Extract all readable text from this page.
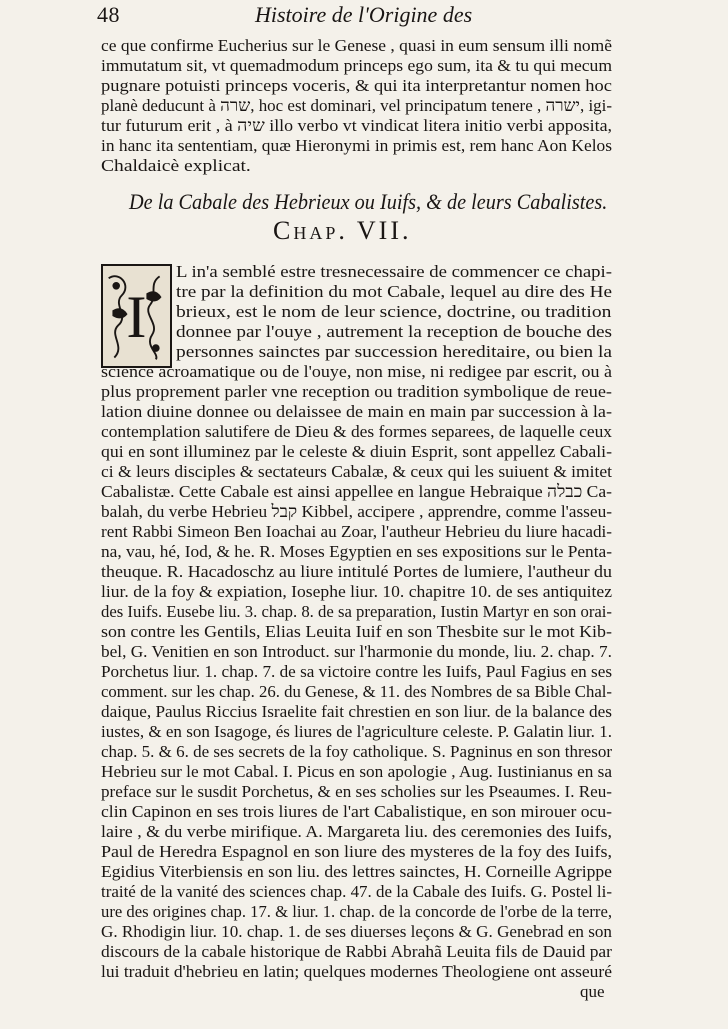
48	Histoire de l'Origine des
ce que confirme Eucherius sur le Genese , quasi in eum sensum illi nomẽ
immutatum sit, vt quemadmodum princeps ego sum, ita & tu qui mecum
pugnare potuisti princeps voceris, & qui ita interpretantur nomen hoc
planè deducunt à שרה, hoc est dominari, vel principatum tenere , ישרה, igi-
tur futurum erit , à שיה illo verbo vt vindicat litera initio verbi apposita,
in hanc ita sententiam, quæ Hieronymi in primis est, rem hanc Aon Kelos
Chaldaicè explicat.
De la Cabale des Hebrieux ou Iuifs, & de leurs Cabalistes.
Chap. VII.
I
L in'a semblé estre tresnecessaire de commencer ce chapi-
tre par la definition du mot Cabale, lequel au dire des He
brieux, est le nom de leur science, doctrine, ou tradition
donnee par l'ouye , autrement la reception de bouche des
personnes sainctes par succession hereditaire, ou bien la
science acroamatique ou de l'ouye, non mise, ni redigee par escrit, ou à
plus proprement parler vne reception ou tradition symbolique de reue-
lation diuine donnee ou delaissee de main en main par succession à la-
contemplation salutifere de Dieu & des formes separees, de laquelle ceux
qui en sont illuminez par le celeste & diuin Esprit, sont appellez Cabali-
ci & leurs disciples & sectateurs Cabalæ, & ceux qui les suiuent & imitet
Cabalistæ. Cette Cabale est ainsi appellee en langue Hebraique כבלה Ca-
balah, du verbe Hebrieu קבל Kibbel, accipere , apprendre, comme l'asseu-
rent Rabbi Simeon Ben Ioachai au Zoar, l'autheur Hebrieu du liure hacadi-
na, vau, hé, Iod, & he. R. Moses Egyptien en ses expositions sur le Penta-
theuque. R. Hacadoschz au liure intitulé Portes de lumiere, l'autheur du
liur. de la foy & expiation, Iosephe liur. 10. chapitre 10. de ses antiquitez
des Iuifs. Eusebe liu. 3. chap. 8. de sa preparation, Iustin Martyr en son orai-
son contre les Gentils, Elias Leuita Iuif en son Thesbite sur le mot Kib-
bel, G. Venitien en son Introduct. sur l'harmonie du monde, liu. 2. chap. 7.
Porchetus liur. 1. chap. 7. de sa victoire contre les Iuifs, Paul Fagius en ses
comment. sur les chap. 26. du Genese, & 11. des Nombres de sa Bible Chal-
daique, Paulus Riccius Israelite fait chrestien en son liur. de la balance des
iustes, & en son Isagoge, és liures de l'agriculture celeste. P. Galatin liur. 1.
chap. 5. & 6. de ses secrets de la foy catholique. S. Pagninus en son thresor
Hebrieu sur le mot Cabal. I. Picus en son apologie , Aug. Iustinianus en sa
preface sur le susdit Porchetus, & en ses scholies sur les Pseaumes. I. Reu-
clin Capinon en ses trois liures de l'art Cabalistique, en son mirouer ocu-
laire , & du verbe mirifique. A. Margareta liu. des ceremonies des Iuifs,
Paul de Heredra Espagnol en son liure des mysteres de la foy des Iuifs,
Egidius Viterbiensis en son liu. des lettres sainctes, H. Corneille Agrippe
traité de la vanité des sciences chap. 47. de la Cabale des Iuifs. G. Postel li-
ure des origines chap. 17. & liur. 1. chap. de la concorde de l'orbe de la terre,
G. Rhodigin liur. 10. chap. 1. de ses diuerses leçons & G. Genebrad en son
discours de la cabale historique de Rabbi Abrahã Leuita fils de Dauid par
lui traduit d'hebrieu en latin; quelques modernes Theologiene ont asseuré
que
